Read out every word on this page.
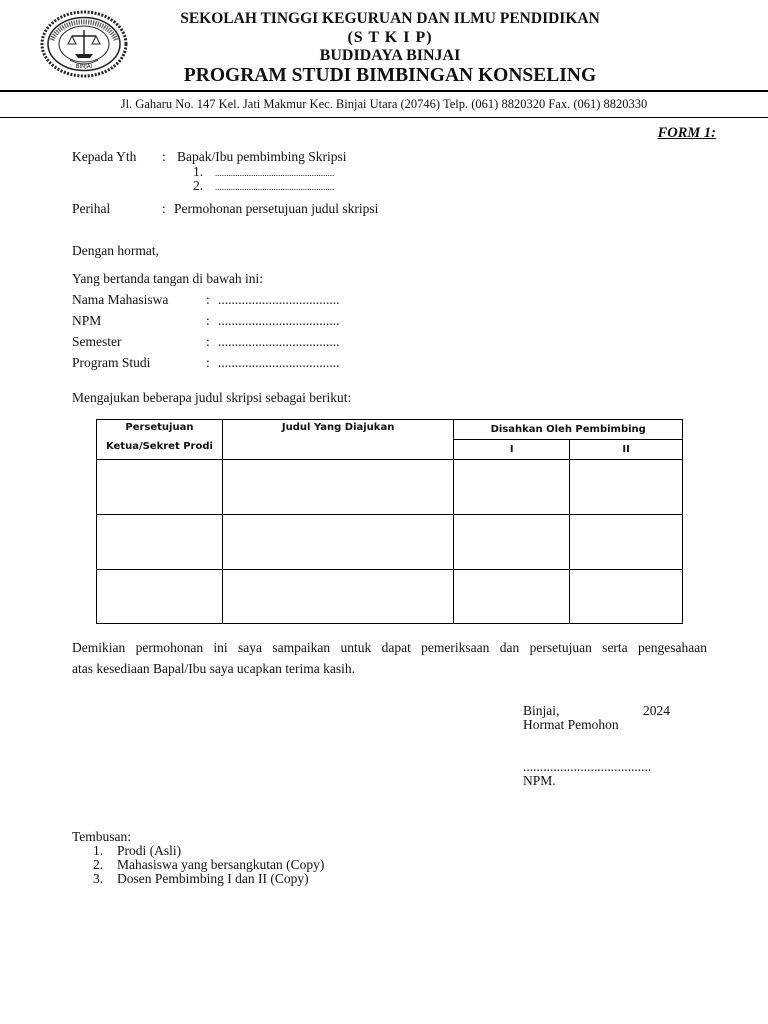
BINJAI
SEKOLAH TINGGI KEGURUAN DAN ILMU PENDIDIKAN
(S T K I P)
BUDIDAYA BINJAI
PROGRAM STUDI BIMBINGAN KONSELING
Jl. Gaharu No. 147 Kel. Jati Makmur Kec. Binjai Utara (20746) Telp. (061) 8820320 Fax. (061) 8820330
FORM 1:
Kepada Yth : Bapak/Ibu pembimbing Skripsi
1. .....................................................
2. .....................................................
Perihal	: Permohonan persetujuan judul skripsi
Dengan hormat,
Yang bertanda tangan di bawah ini:
Nama Mahasiswa	: ....................................
NPM	: ....................................
Semester	: ....................................
Program Studi	: ....................................
Mengajukan beberapa judul skripsi sebagai berikut:
Persetujuan
Ketua/Sekret Prodi	Judul Yang Diajukan	Disahkan Oleh Pembimbing	
		I	II

Demikian permohonan ini saya sampaikan untuk dapat pemeriksaan dan persetujuan serta pengesahaan
atas kesediaan Bapal/Ibu saya ucapkan terima kasih.
Binjai,	2024
Hormat Pemohon
......................................
NPM.
Tembusan:
1. Prodi (Asli)
2. Mahasiswa yang bersangkutan (Copy)
3. Dosen Pembimbing I dan II (Copy)
